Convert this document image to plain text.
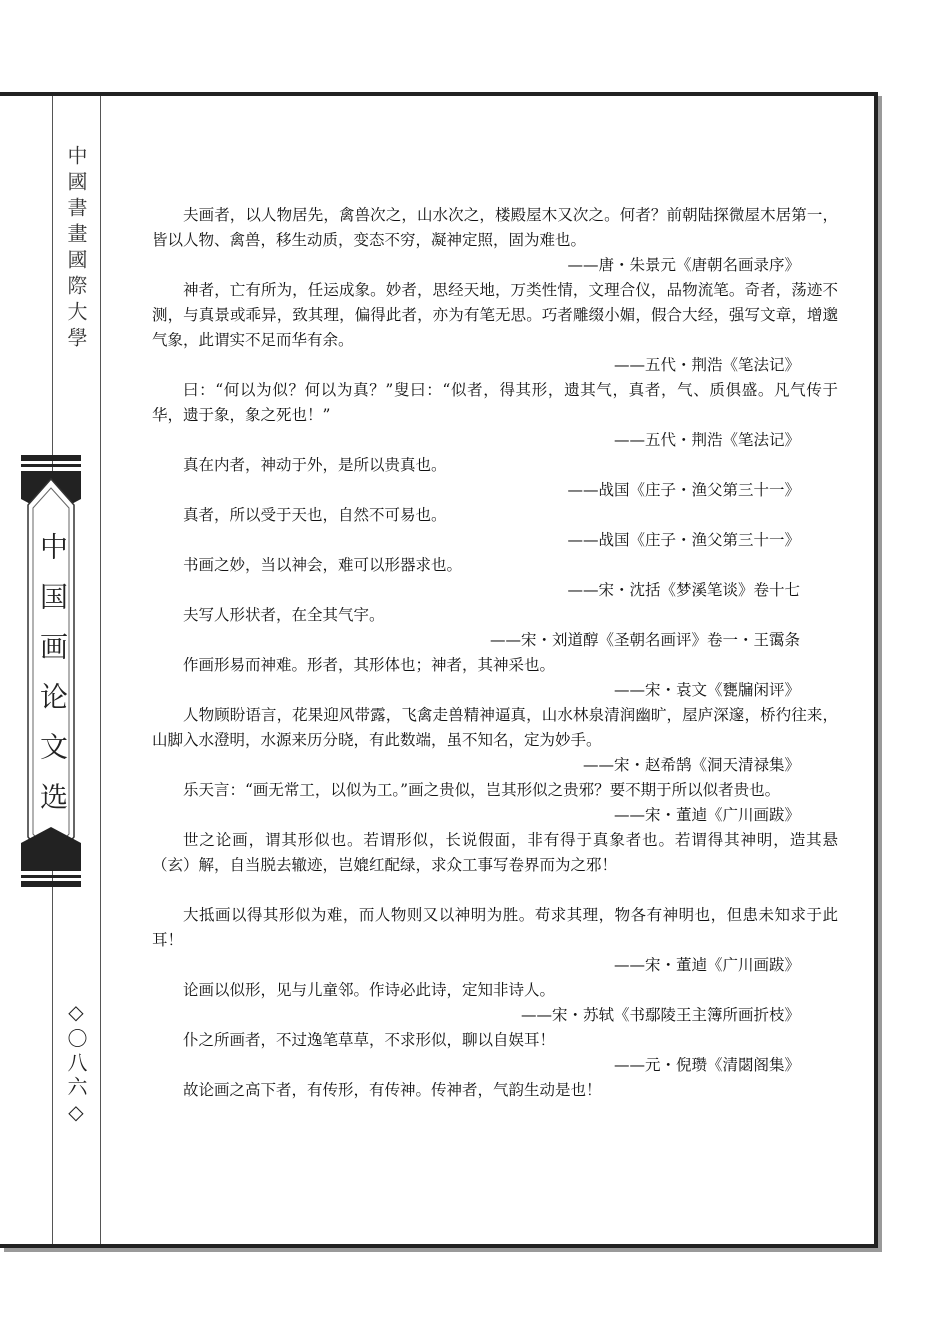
中國書畫國際大學
中国画论文选
◇〇八六◇

夫画者，以人物居先，禽兽次之，山水次之，楼殿屋木又次之。何者？前朝陆探微屋木居第一，皆以人物、禽兽，移生动质，变态不穷，凝神定照，固为难也。

——唐・朱景元《唐朝名画录序》

神者，亡有所为，任运成象。妙者，思经天地，万类性情，文理合仪，品物流笔。奇者，荡迹不测，与真景或乖异，致其理，偏得此者，亦为有笔无思。巧者雕缀小媚，假合大经，强写文章，增邈气象，此谓实不足而华有余。

——五代・荆浩《笔法记》

曰：“何以为似？何以为真？”叟曰：“似者，得其形，遗其气，真者，气、质俱盛。凡气传于华，遗于象，象之死也！”

——五代・荆浩《笔法记》

真在内者，神动于外，是所以贵真也。

——战国《庄子・渔父第三十一》

真者，所以受于天也，自然不可易也。

——战国《庄子・渔父第三十一》

书画之妙，当以神会，难可以形器求也。

——宋・沈括《梦溪笔谈》卷十七

夫写人形状者，在全其气宇。

——宋・刘道醇《圣朝名画评》卷一・王霭条

作画形易而神难。形者，其形体也；神者，其神采也。

——宋・袁文《甕牖闲评》

人物顾盼语言，花果迎风带露，飞禽走兽精神逼真，山水林泉清润幽旷，屋庐深邃，桥彴往来，山脚入水澄明，水源来历分晓，有此数端，虽不知名，定为妙手。

——宋・赵希鹄《洞天清禄集》

乐天言：“画无常工，以似为工。”画之贵似，岂其形似之贵邪？要不期于所以似者贵也。

——宋・董逌《广川画跋》

世之论画，谓其形似也。若谓形似，长说假面，非有得于真象者也。若谓得其神明，造其悬（玄）解，自当脱去辙迹，岂媲红配绿，求众工事写卷界而为之邪！

大抵画以得其形似为难，而人物则又以神明为胜。苟求其理，物各有神明也，但患未知求于此耳！

——宋・董逌《广川画跋》

论画以似形，见与儿童邻。作诗必此诗，定知非诗人。

——宋・苏轼《书鄢陵王主簿所画折枝》

仆之所画者，不过逸笔草草，不求形似，聊以自娱耳！

——元・倪瓒《清閟阁集》

故论画之高下者，有传形，有传神。传神者，气韵生动是也！
